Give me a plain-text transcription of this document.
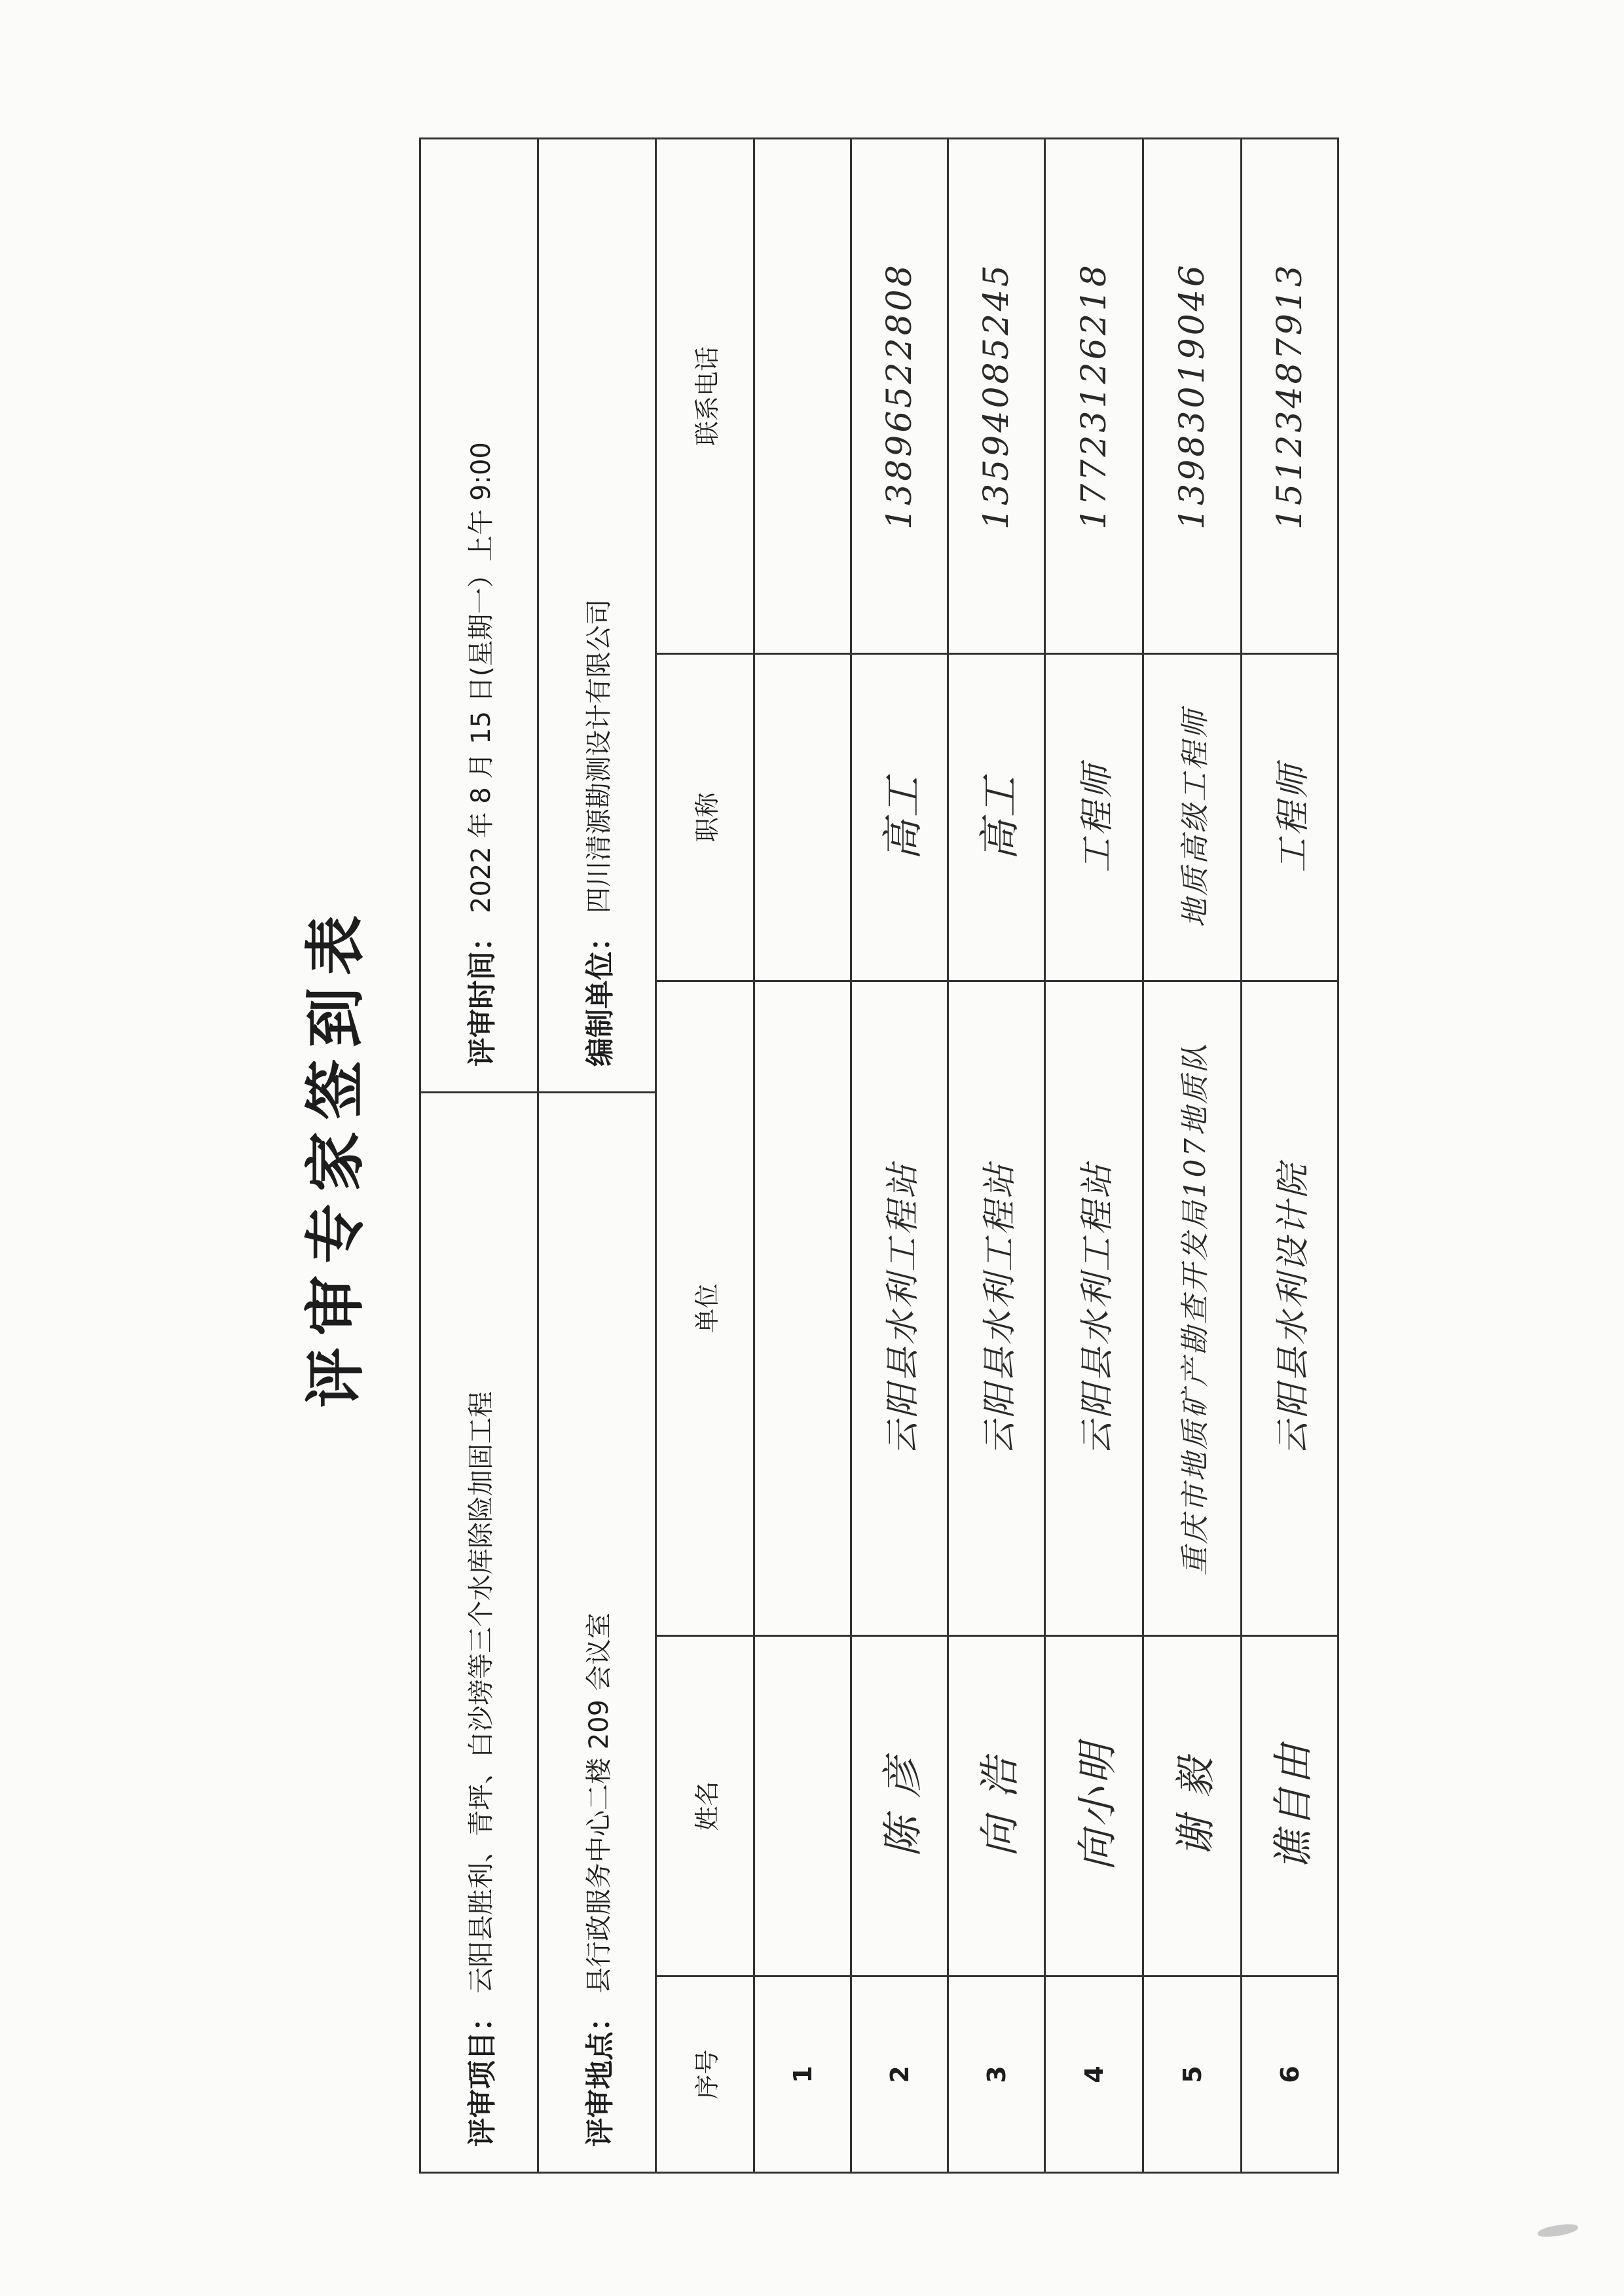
评审专家签到表
评审项目：
云阳县胜利、青坪、白沙塝等三个水库除险加固工程
评审时间：
2022 年 8 月 15 日(星期一）上午 9:00
评审地点：
县行政服务中心二楼 209 会议室
编制单位：
四川清源勘测设计有限公司
序号
姓名
单位
职称
联系电话
1	2
陈 彦
云阳县水利工程站
高工
13896522808
3
向 浩
云阳县水利工程站
高工
13594085245
4
向小明
云阳县水利工程站
工程师
17723126218
5
谢 毅
重庆市地质矿产勘查开发局107地质队
地质高级工程师
13983019046
6
谯自由
云阳县水利设计院
工程师
15123487913
